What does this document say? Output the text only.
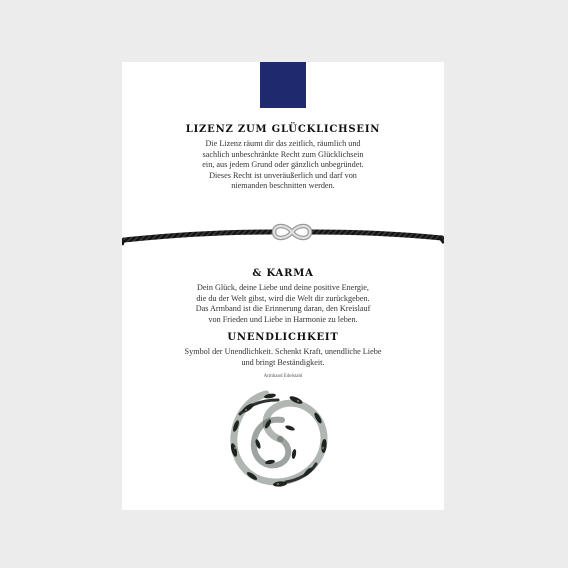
LIZENZ ZUM GLÜCKLICHSEIN
Die Lizenz räumt dir das zeitlich, räumlich und
sachlich unbeschränkte Recht zum Glücklichsein
ein, aus jedem Grund oder gänzlich unbegründet.
Dieses Recht ist unveräußerlich und darf von
niemanden beschnitten werden.
& KARMA
Dein Glück, deine Liebe und deine positive Energie,
die du der Welt gibst, wird die Welt dir zurückgeben.
Das Armband ist die Erinnerung daran, den Kreislauf
von Frieden und Liebe in Harmonie zu leben.
UNENDLICHKEIT
Symbol der Unendlichkeit. Schenkt Kraft, unendliche Liebe
und bringt Beständigkeit.
Armband Edelstahl
